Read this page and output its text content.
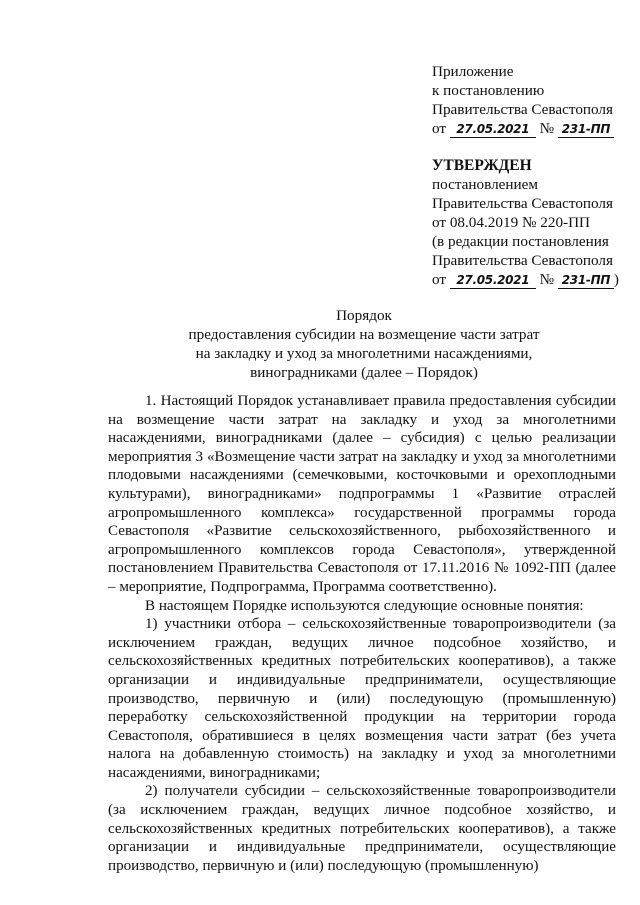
Приложение
к постановлению
Правительства Севастополя
от 27.05.2021 № 231-ПП
УТВЕРЖДЕН
постановлением
Правительства Севастополя
от 08.04.2019 № 220-ПП
(в редакции постановления
Правительства Севастополя
от 27.05.2021 № 231-ПП )
Порядок
предоставления субсидии на возмещение части затрат
на закладку и уход за многолетними насаждениями,
виноградниками (далее – Порядок)

1. Настоящий Порядок устанавливает правила предоставления субсидии на возмещение части затрат на закладку и уход за многолетними насаждениями, виноградниками (далее – субсидия) с целью реализации мероприятия 3 «Возмещение части затрат на закладку и уход за многолетними плодовыми насаждениями (семечковыми, косточковыми и орехоплодными культурами), виноградниками» подпрограммы 1 «Развитие отраслей агропромышленного комплекса» государственной программы города Севастополя «Развитие сельскохозяйственного, рыбохозяйственного и агропромышленного комплексов города Севастополя», утвержденной постановлением Правительства Севастополя от 17.11.2016 № 1092-ПП (далее – мероприятие, Подпрограмма, Программа соответственно).

В настоящем Порядке используются следующие основные понятия:

1) участники отбора – сельскохозяйственные товаропроизводители (за исключением граждан, ведущих личное подсобное хозяйство, и сельскохозяйственных кредитных потребительских кооперативов), а также организации и индивидуальные предприниматели, осуществляющие производство, первичную и (или) последующую (промышленную) переработку сельскохозяйственной продукции на территории города Севастополя, обратившиеся в целях возмещения части затрат (без учета налога на добавленную стоимость) на закладку и уход за многолетними насаждениями, виноградниками;

2) получатели субсидии – сельскохозяйственные товаропроизводители (за исключением граждан, ведущих личное подсобное хозяйство, и сельскохозяйственных кредитных потребительских кооперативов), а также организации и индивидуальные предприниматели, осуществляющие производство, первичную и (или) последующую (промышленную)
